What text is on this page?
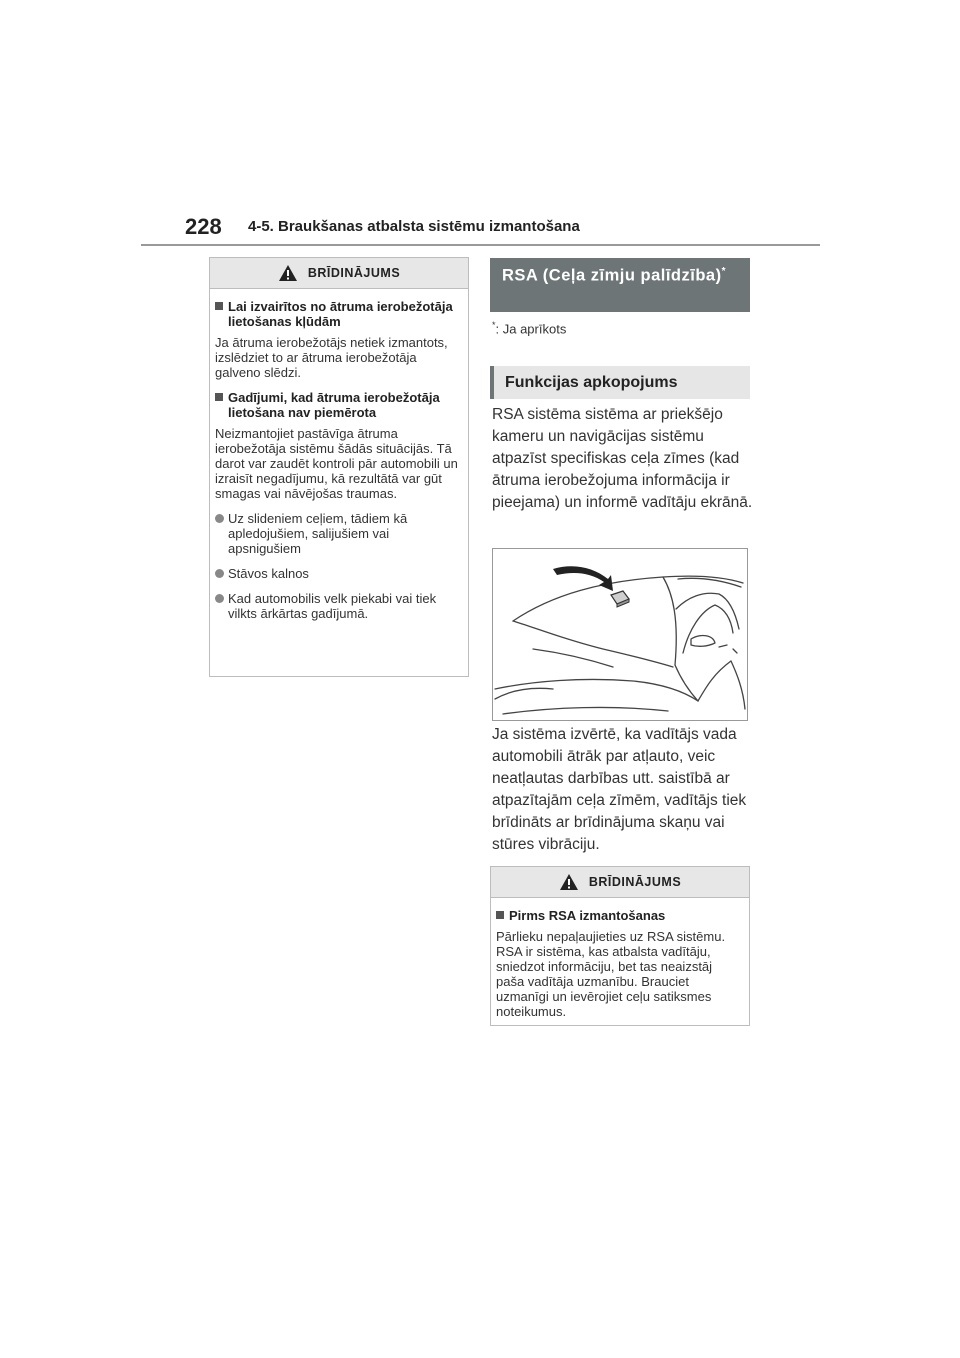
228 4-5. Braukšanas atbalsta sistēmu izmantošana
BRĪDINĀJUMS
Lai izvairītos no ātruma ierobežotāja lietošanas kļūdām

Ja ātruma ierobežotājs netiek izmantots, izslēdziet to ar ātruma ierobežotāja galveno slēdzi.

Gadījumi, kad ātruma ierobežotāja lietošana nav piemērota

Neizmantojiet pastāvīga ātruma ierobežotāja sistēmu šādās situācijās. Tā darot var zaudēt kontroli pār automobili un izraisīt negadījumu, kā rezultātā var gūt smagas vai nāvējošas traumas.

Uz slideniem ceļiem, tādiem kā apledojušiem, salijušiem vai apsnigušiem
Stāvos kalnos
Kad automobilis velk piekabi vai tiek vilkts ārkārtas gadījumā.
RSA (Ceļa zīmju palīdzība)*
*: Ja aprīkots
Funkcijas apkopojums
RSA sistēma sistēma ar priekšējo kameru un navigācijas sistēmu atpazīst specifiskas ceļa zīmes (kad ātruma ierobežojuma informācija ir pieejama) un informē vadītāju ekrānā.
Ja sistēma izvērtē, ka vadītājs vada automobili ātrāk par atļauto, veic neatļautas darbības utt. saistībā ar atpazītajām ceļa zīmēm, vadītājs tiek brīdināts ar brīdinājuma skaņu vai stūres vibrāciju.
BRĪDINĀJUMS
Pirms RSA izmantošanas

Pārlieku nepaļaujieties uz RSA sistēmu. RSA ir sistēma, kas atbalsta vadītāju, sniedzot informāciju, bet tas neaizstāj paša vadītāja uzmanību. Brauciet uzmanīgi un ievērojiet ceļu satiksmes noteikumus.
